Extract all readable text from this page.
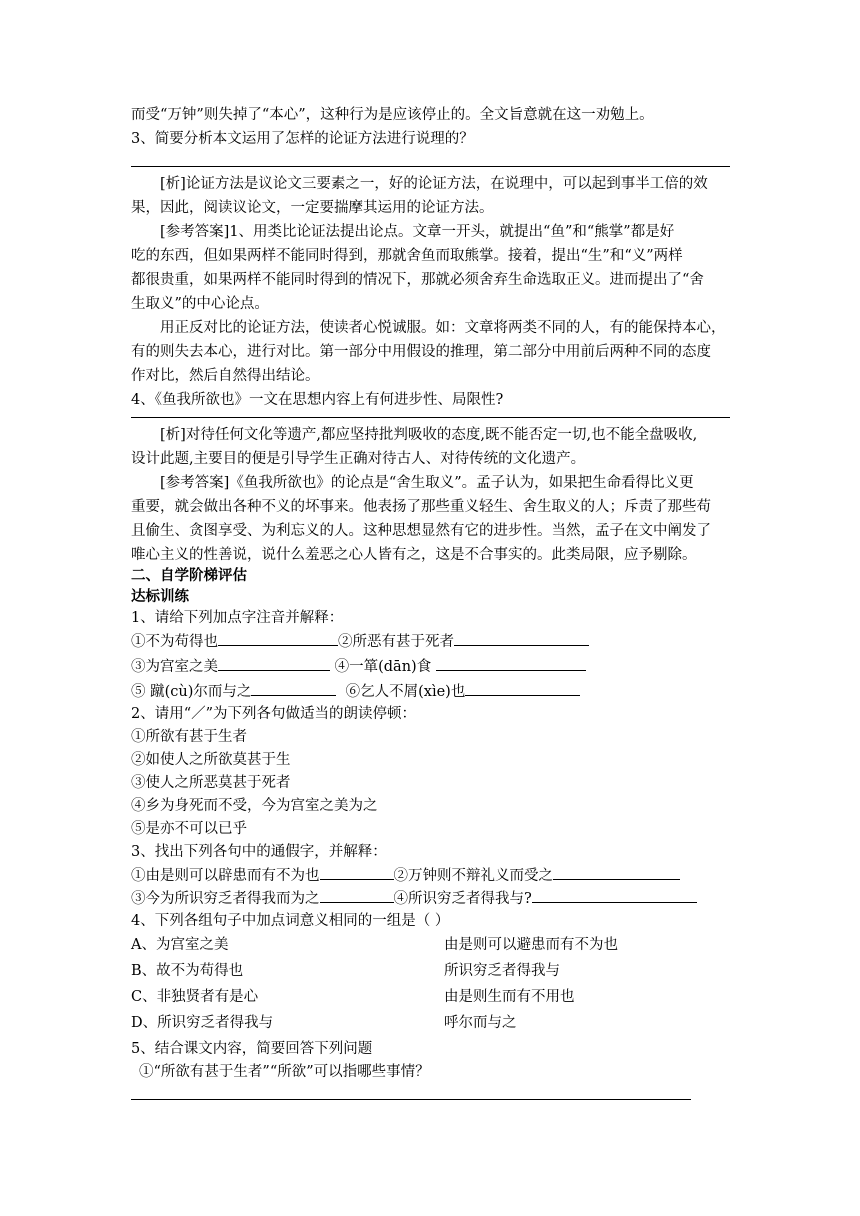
而受“万钟”则失掉了“本心”，这种行为是应该停止的。全文旨意就在这一劝勉上。
3、简要分析本文运用了怎样的论证方法进行说理的？
[析]论证方法是议论文三要素之一，好的论证方法，在说理中，可以起到事半工倍的效
果，因此，阅读议论文，一定要揣摩其运用的论证方法。
[参考答案]1、用类比论证法提出论点。文章一开头，就提出“鱼”和“熊掌”都是好
吃的东西，但如果两样不能同时得到，那就舍鱼而取熊掌。接着，提出“生”和“义”两样
都很贵重，如果两样不能同时得到的情况下，那就必须舍弃生命选取正义。进而提出了“舍
生取义”的中心论点。
用正反对比的论证方法，使读者心悦诚服。如：文章将两类不同的人，有的能保持本心，
有的则失去本心，进行对比。第一部分中用假设的推理，第二部分中用前后两种不同的态度
作对比，然后自然得出结论。
4、《鱼我所欲也》一文在思想内容上有何进步性、局限性?
[析]对待任何文化等遗产,都应坚持批判吸收的态度,既不能否定一切,也不能全盘吸收,
设计此题,主要目的便是引导学生正确对待古人、对待传统的文化遗产。
[参考答案]《鱼我所欲也》的论点是“舍生取义”。孟子认为，如果把生命看得比义更
重要，就会做出各种不义的坏事来。他表扬了那些重义轻生、舍生取义的人；斥责了那些苟
且偷生、贪图享受、为利忘义的人。这种思想显然有它的进步性。当然，孟子在文中阐发了
唯心主义的性善说，说什么羞恶之心人皆有之，这是不合事实的。此类局限，应予剔除。
二、自学阶梯评估
达标训练
1、请给下列加点字注音并解释：
①不为苟得也	②所恶有甚于死者
③为宫室之美	④一箪(dān)食
⑤ 蹴(cù)尔而与之	⑥乞人不屑(xìe)也
2、请用“／”为下列各句做适当的朗读停顿：
①所欲有甚于生者
②如使人之所欲莫甚于生
③使人之所恶莫甚于死者
④乡为身死而不受，今为宫室之美为之
⑤是亦不可以已乎
3、找出下列各句中的通假字，并解释：
①由是则可以辟患而有不为也	②万钟则不辩礼义而受之
③今为所识穷乏者得我而为之	④所识穷乏者得我与?
4、下列各组句子中加点词意义相同的一组是（ ）
A、为宫室之美	由是则可以避患而有不为也
B、故不为苟得也	所识穷乏者得我与
C、非独贤者有是心	由是则生而有不用也
D、所识穷乏者得我与	呼尔而与之
5、结合课文内容，简要回答下列问题
①“所欲有甚于生者”“所欲”可以指哪些事情？
